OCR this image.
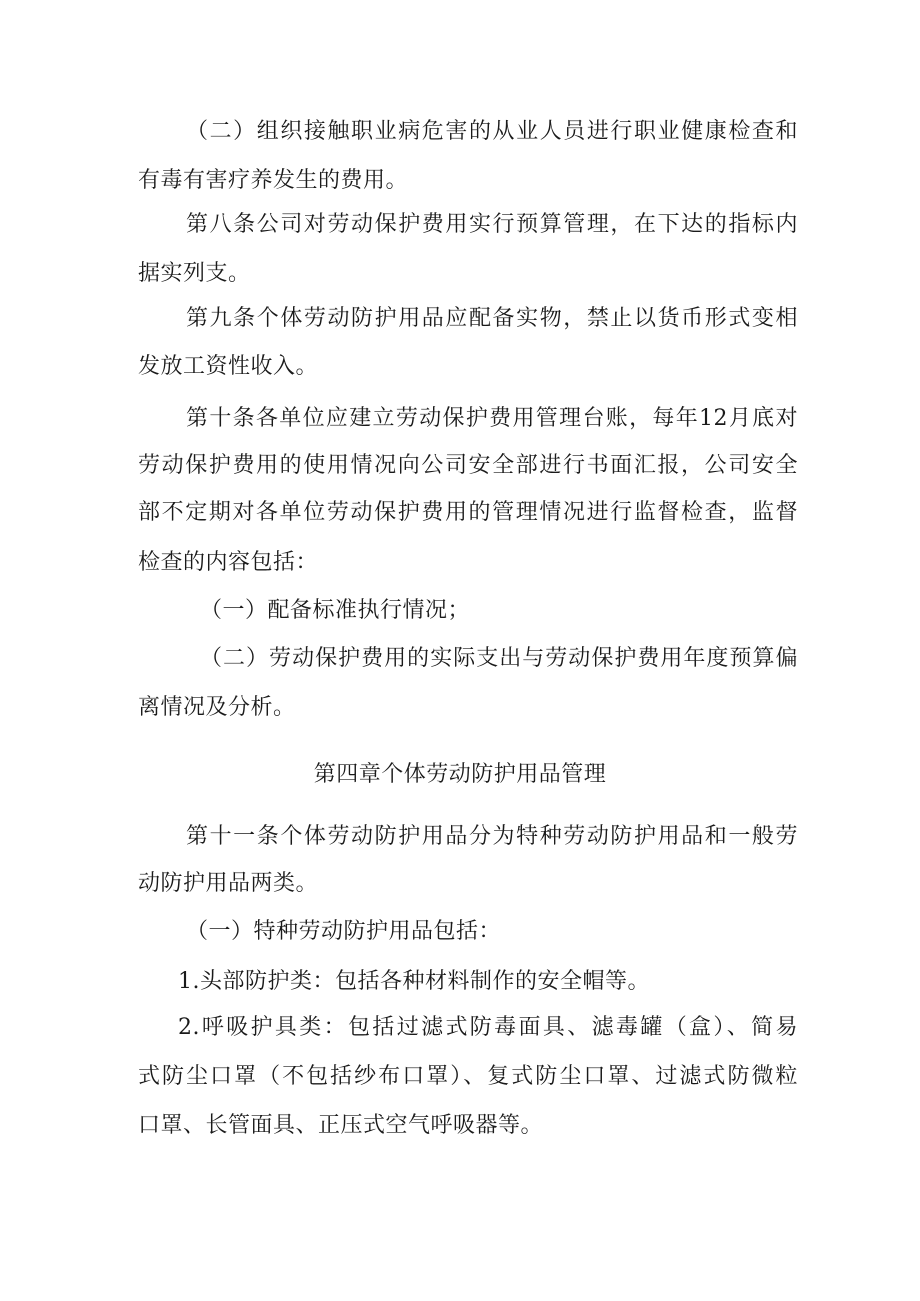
（二）组织接触职业病危害的从业人员进行职业健康检查和
有毒有害疗养发生的费用。
第八条公司对劳动保护费用实行预算管理，在下达的指标内
据实列支。
第九条个体劳动防护用品应配备实物，禁止以货币形式变相
发放工资性收入。
第十条各单位应建立劳动保护费用管理台账，每年12月底对
劳动保护费用的使用情况向公司安全部进行书面汇报，公司安全
部不定期对各单位劳动保护费用的管理情况进行监督检查，监督
检查的内容包括：
（一）配备标准执行情况；
（二）劳动保护费用的实际支出与劳动保护费用年度预算偏
离情况及分析。
第四章个体劳动防护用品管理
第十一条个体劳动防护用品分为特种劳动防护用品和一般劳
动防护用品两类。
（一）特种劳动防护用品包括：
1.头部防护类：包括各种材料制作的安全帽等。
2.呼吸护具类：包括过滤式防毒面具、滤毒罐（盒）、简易
式防尘口罩（不包括纱布口罩）、复式防尘口罩、过滤式防微粒
口罩、长管面具、正压式空气呼吸器等。
